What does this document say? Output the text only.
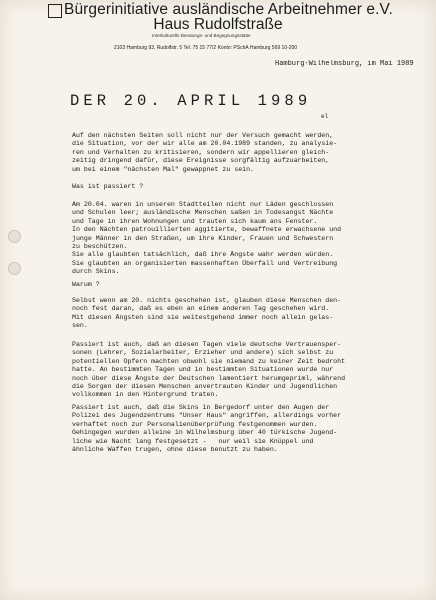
Bürgerinitiative ausländische Arbeitnehmer e.V.
Haus Rudolfstraße
Interkulturelle Beratungs- und Begegnungsstätte
2103 Hamburg 93, Rudolfstr. 5 Tel. 75 15 77/2 Konto: PSchA Hamburg 569 10-200
Hamburg-Wilhelmsburg, im Mai 1989
DER 20. APRIL 1989
el
Auf den nächsten Seiten soll nicht nur der Versuch gemacht werden,
die Situation, vor der wir alle am 20.04.1989 standen, zu analysie-
ren und Verhalten zu kritisieren, sondern wir appellieren gleich-
zeitig dringend dafür, diese Ereignisse sorgfältig aufzuarbeiten,
um bei einem "nächsten Mal" gewappnet zu sein.
Was ist passiert ?
Am 20.04. waren in unseren Stadtteilen nicht nur Läden geschlossen
und Schulen leer; ausländische Menschen saßen in Todesangst Nächte
und Tage in ihren Wohnungen und trauten sich kaum ans Fenster.
In den Nächten patrouillierten aggitierte, bewaffnete erwachsene und
junge Männer in den Straßen, um ihre Kinder, Frauen und Schwestern
zu beschützen.
Sie alle glaubten tatsächlich, daß ihre Ängste wahr werden würden.
Sie glaubten an organisierten massenhaften Überfall und Vertreibung
durch Skins.
Warum ?
Selbst wenn am 20. nichts geschehen ist, glauben diese Menschen den-
noch fest daran, daß es eben an einem anderen Tag geschehen wird.
Mit diesen Ängsten sind sie weitestgehend immer noch allein gelas-
sen.
Passiert ist auch, daß an diesen Tagen viele deutsche Vertrauensper-
sonen (Lehrer, Sozialarbeiter, Erzieher und andere) sich selbst zu
potentiellen Opfern machten obwohl sie niemand zu keiner Zeit bedroht
hatte. An bestimmten Tagen und in bestimmten Situationen wurde nur
noch über diese Ängste der Deutschen lamentiert herumgepriml, während
die Sorgen der diesen Menschen anvertrauten Kinder und Jugendlichen
vollkommen in den Hintergrund traten.
Passiert ist auch, daß die Skins in Bergedorf unter den Augen der
Polizei des Jugendzentrums "Unser Haus" angriffen, allerdings vorher
verhaftet noch zur Personalienüberprüfung festgenommen wurden.
Gehingegen wurden alleine in Wilhelmsburg über 40 türkische Jugend-
liche wie Nacht lang festgesetzt -   nur weil sie Knüppel und
ähnliche Waffen trugen, ohne diese benutzt zu haben.
